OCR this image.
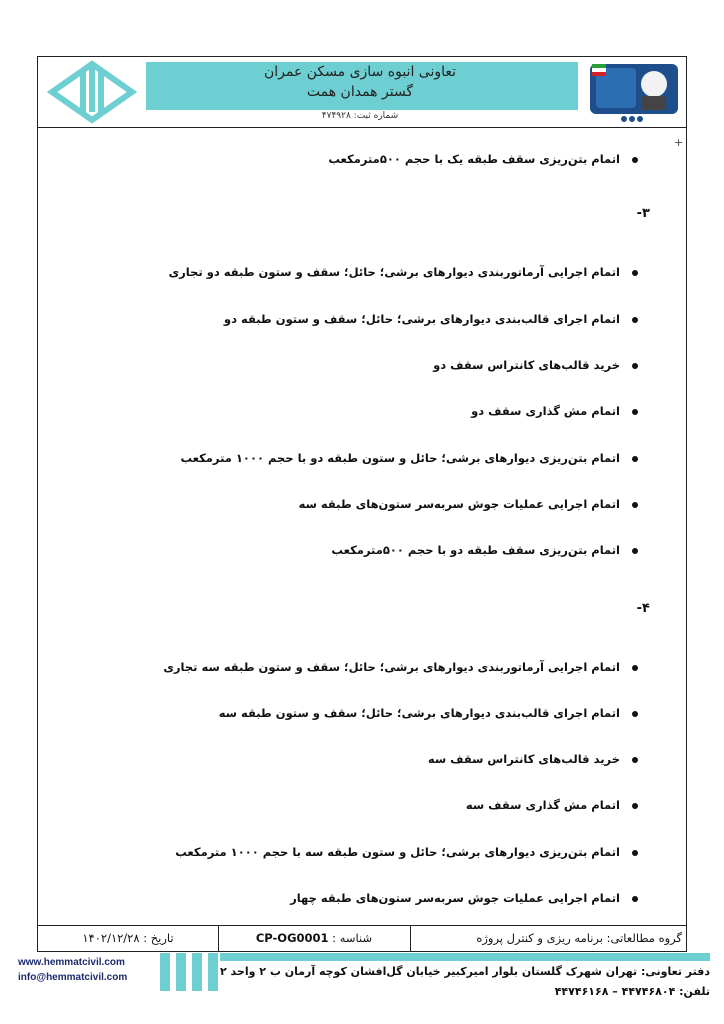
تعاونی انبوه سازی مسکن عمران
گستر همدان همت
شماره ثبت: ۴۷۴۹۲۸
+
اتمام بتن‌ریزی سقف طبقه یک با حجم ۵۰۰مترمکعب
-۳
اتمام اجرایی آرماتوربندی دیوارهای برشی؛ حائل؛ سقف و ستون طبقه دو تجاری
اتمام اجرای قالب‌بندی دیوارهای برشی؛ حائل؛ سقف و ستون طبقه دو
خرید قالب‌های کانتراس سقف دو
اتمام مش گذاری سقف دو
اتمام بتن‌ریزی دیوارهای برشی؛ حائل و ستون طبقه دو با حجم ۱۰۰۰ مترمکعب
اتمام اجرایی عملیات جوش سربه‌سر ستون‌های طبقه سه
اتمام بتن‌ریزی سقف طبقه دو با حجم ۵۰۰مترمکعب
-۴
اتمام اجرایی آرماتوربندی دیوارهای برشی؛ حائل؛ سقف و ستون طبقه سه تجاری
اتمام اجرای قالب‌بندی دیوارهای برشی؛ حائل؛ سقف و ستون طبقه سه
خرید قالب‌های کانتراس سقف سه
اتمام مش گذاری سقف سه
اتمام بتن‌ریزی دیوارهای برشی؛ حائل و ستون طبقه سه با حجم ۱۰۰۰ مترمکعب
اتمام اجرایی عملیات جوش سربه‌سر ستون‌های طبقه چهار
گروه مطالعاتی: برنامه ریزی و کنترل پروژه
شناسه : CP-OG0001
تاریخ : ۱۴۰۲/۱۲/۲۸
www.hemmatcivil.com
info@hemmatcivil.com	دفتر تعاونی: تهران شهرک گلستان بلوار امیرکبیر خیابان گل‌افشان کوچه آرمان ب ۲ واحد ۲
تلفن: ۴۴۷۴۶۸۰۴ – ۴۴۷۴۶۱۶۸
